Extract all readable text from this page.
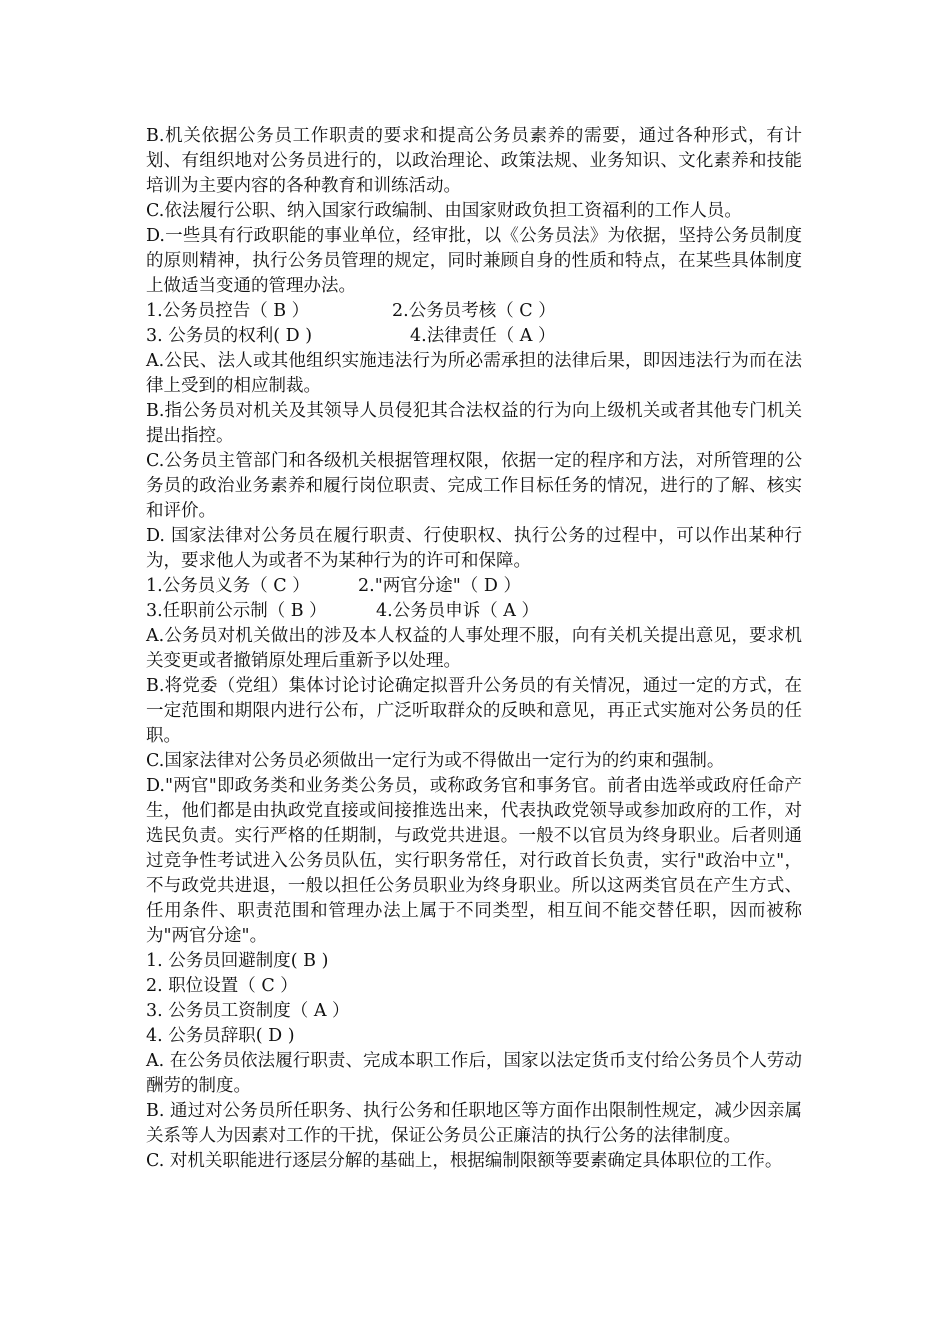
B.机关依据公务员工作职责的要求和提高公务员素养的需要，通过各种形式，有计划、有组织地对公务员进行的，以政治理论、政策法规、业务知识、文化素养和技能培训为主要内容的各种教育和训练活动。

C.依法履行公职、纳入国家行政编制、由国家财政负担工资福利的工作人员。

D.一些具有行政职能的事业单位，经审批，以《公务员法》为依据，坚持公务员制度的原则精神，执行公务员管理的规定，同时兼顾自身的性质和特点，在某些具体制度上做适当变通的管理办法。

1.公务员控告（ B ）	2.公务员考核（ C ）
3. 公务员的权利( D )	4.法律责任（ A ）

A.公民、法人或其他组织实施违法行为所必需承担的法律后果，即因违法行为而在法律上受到的相应制裁。

B.指公务员对机关及其领导人员侵犯其合法权益的行为向上级机关或者其他专门机关提出指控。

C.公务员主管部门和各级机关根据管理权限，依据一定的程序和方法，对所管理的公务员的政治业务素养和履行岗位职责、完成工作目标任务的情况，进行的了解、核实和评价。

D. 国家法律对公务员在履行职责、行使职权、执行公务的过程中，可以作出某种行为，要求他人为或者不为某种行为的许可和保障。

1.公务员义务（ C ）	2."两官分途"（ D ）
3.任职前公示制（ B ）	4.公务员申诉（ A ）

A.公务员对机关做出的涉及本人权益的人事处理不服，向有关机关提出意见，要求机关变更或者撤销原处理后重新予以处理。

B.将党委（党组）集体讨论讨论确定拟晋升公务员的有关情况，通过一定的方式，在一定范围和期限内进行公布，广泛听取群众的反映和意见，再正式实施对公务员的任职。

C.国家法律对公务员必须做出一定行为或不得做出一定行为的约束和强制。

D."两官"即政务类和业务类公务员，或称政务官和事务官。前者由选举或政府任命产生，他们都是由执政党直接或间接推选出来，代表执政党领导或参加政府的工作，对选民负责。实行严格的任期制，与政党共进退。一般不以官员为终身职业。后者则通过竞争性考试进入公务员队伍，实行职务常任，对行政首长负责，实行"政治中立"，不与政党共进退，一般以担任公务员职业为终身职业。所以这两类官员在产生方式、任用条件、职责范围和管理办法上属于不同类型，相互间不能交替任职，因而被称为"两官分途"。

1. 公务员回避制度( B )

2. 职位设置（ C ）

3. 公务员工资制度（ A ）

4. 公务员辞职( D )

A. 在公务员依法履行职责、完成本职工作后，国家以法定货币支付给公务员个人劳动酬劳的制度。

B. 通过对公务员所任职务、执行公务和任职地区等方面作出限制性规定，减少因亲属关系等人为因素对工作的干扰，保证公务员公正廉洁的执行公务的法律制度。

C. 对机关职能进行逐层分解的基础上，根据编制限额等要素确定具体职位的工作。
